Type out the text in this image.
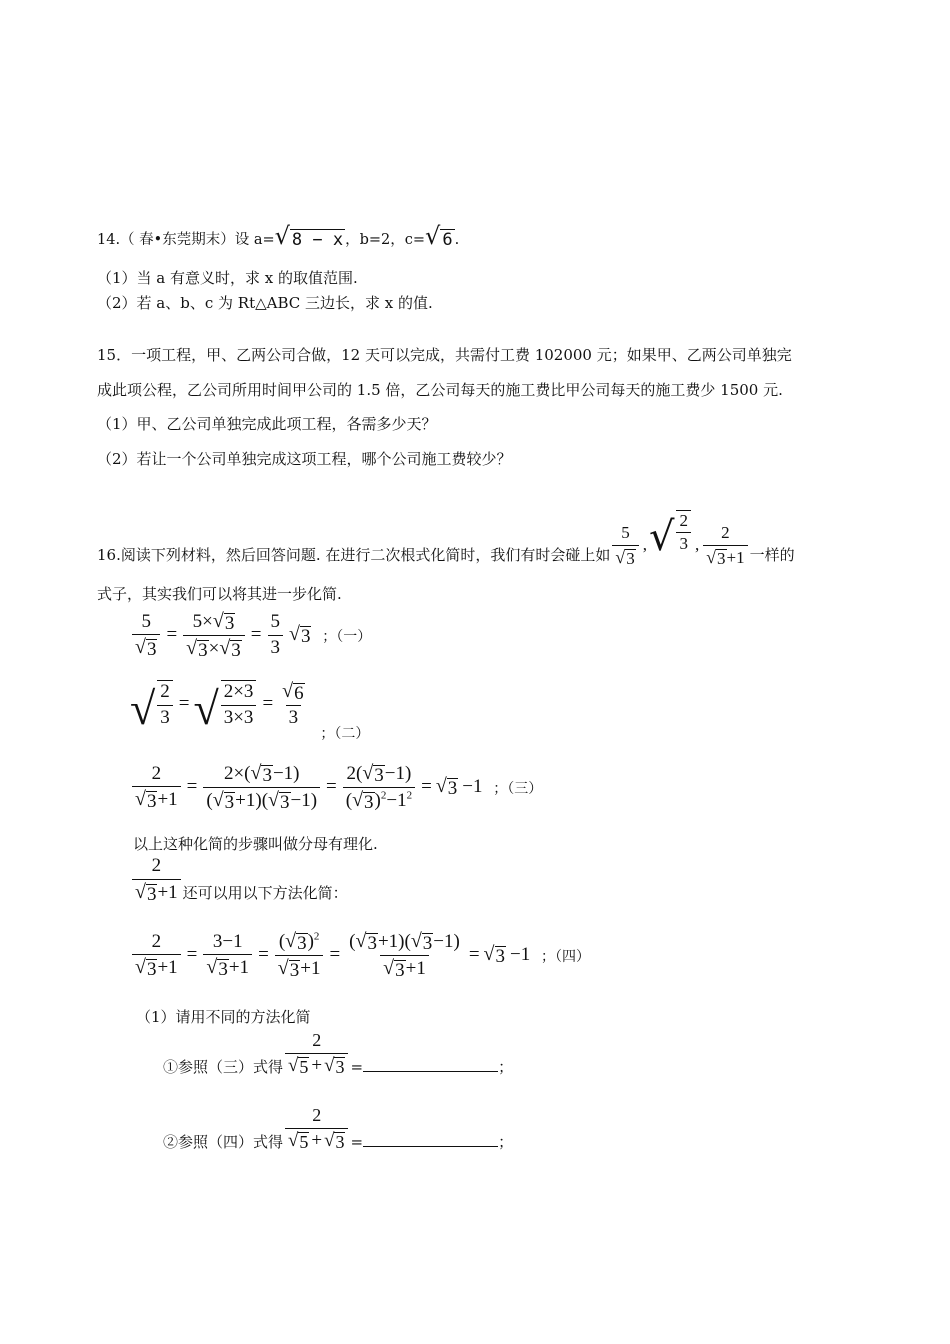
14.（ 春•东莞期末）设 a= √ 8 − x ，b=2，c= √ 6 .
（1）当 a 有意义时，求 x 的取值范围.
（2）若 a、b、c 为 Rt△ABC 三边长，求 x 的值.
15．一项工程，甲、乙两公司合做，12 天可以完成，共需付工费 102000 元；如果甲、乙两公司单独完
成此项公程，乙公司所用时间甲公司的 1.5 倍，乙公司每天的施工费比甲公司每天的施工费少 1500 元.
（1）甲、乙公司单独完成此项工程，各需多少天？
（2）若让一个公司单独完成这项工程，哪个公司施工费较少？
16.阅读下列材料，然后回答问题. 在进行二次根式化简时，我们有时会碰上如 $\frac{5}{√ 3}$ , √ $\frac{2}{3}$ , $\frac{2}{√ 3 +1}$ 一样的
式子，其实我们可以将其进一步化简.
$\frac{5}{√ 3} = \frac{5\times √ 3}{√ 3 \times √ 3} = \frac{5}{3}$ √ 3 ；（一）
√ $\frac{2}{3}$ = √ $\frac{2\times 3}{3\times 3} = \frac{√ 6}{3}$
；（二）
$\frac{2}{√ 3 +1} = \frac{2\times( √ 3 -1)}{( √ 3 +1)( √ 3 -1)} = \frac{2( √ 3 -1)}{( √ 3 )^2-1^2}$ = √ 3 −1 ；（三）
以上这种化简的步骤叫做分母有理化.
$\frac{2}{√ 3 +1}$ 还可以用以下方法化简：
$\frac{2}{√ 3 +1} = \frac{3-1}{√ 3 +1} = \frac{( √ 3 )^2}{√ 3 +1} = \frac{( √ 3 +1)( √ 3 -1)}{√ 3 +1}$ = √ 3 −1 ；（四）
（1）请用不同的方法化简
①参照（三）式得 $\frac{2}{√ 5 + √ 3}$ =	；
②参照（四）式得 $\frac{2}{√ 5 + √ 3}$ =	；
